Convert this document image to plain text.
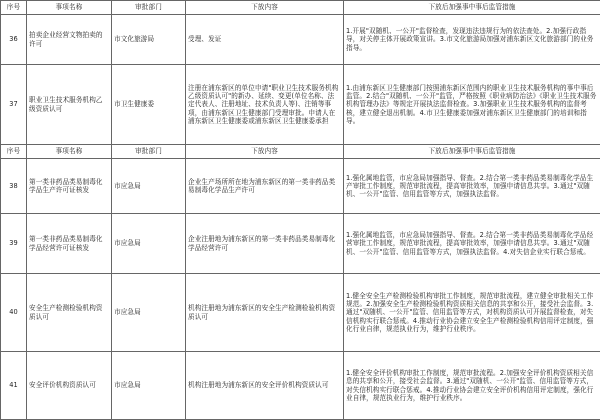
序号	事项名称	审批部门	下放内容	下放后加强事中事后监管措施
36	拍卖企业经营文物拍卖的许可	市文化旅游局	受理、发证	1.开展"双随机、一公开"监督检查，发现违法违规行为的依法查处。2.加强行政指导，对关停主体开展政策宣讲。3.市文化旅游局加强对浦东新区文化旅游部门的业务指导。
37	职业卫生技术服务机构乙级资质认可	市卫生健康委	注册在浦东新区的单位申请"职业卫生技术服务机构乙级资质认可"的新办、延续、变更(单位名称、法定代表人、注册地址、技术负责人等)、注销等事项，由浦东新区卫生健康部门受理审批。申请人在浦东新区卫生健康委或浦东新区卫生健康委承担	1.由浦东新区卫生健康部门按照浦东新区范围内的职业卫生技术服务机构的事中事后监管。2.结合"双随机、一公开"监管，严格按照《职业病防治法》《职业卫生技术服务机构管理办法》等规定开展执法监督检查。3.加强职业卫生技术服务机构的监督考核，建立健全退出机制。4.市卫生健康委加强对浦东新区卫生健康部门的培训和指导。
序号	事项名称	审批部门	下放内容	下放后加强事中事后监管措施
38	第一类非药品类易制毒化学品生产许可证核发	市应急局	企业生产场所所在地为浦东新区的第一类非药品类易制毒化学品生产许可	1.强化属地监管，市应急局加强指导、督查。2.结合第一类非药品类易制毒化学品生产审批工作制度，规范审批流程，提高审批效率，加强申请信息共享。3.通过"双随机、一公开"监管、信用监管等方式，加强执法监督。
39	第一类非药品类易制毒化学品经营许可证核发	市应急局	企业注册地为浦东新区的第一类非药品类易制毒化学品经营许可	1.强化属地监管，市应急局加强指导、督查。2.结合第一类非药品类易制毒化学品经营审批工作制度，规范审批流程，提高审批效率，加强申请信息共享。3.通过"双随机、一公开"监管、信用监管等方式，加强执法监督。4.对失信企业实行联合惩戒。
40	安全生产检测检验机构资质认可	市应急局	机构注册地为浦东新区的安全生产检测检验机构资质认可	1.健全安全生产检测检验机构审批工作制度，规范审批流程，建立健全审批相关工作规范。2.加强安全生产检测检验机构资质相关信息的共享和公开，接受社会监督。3.通过"双随机、一公开"监管、信用监管等方式，对机构资质认可开展监督检查，对失信机构实行联合惩戒。4.推动行业协会建立安全生产检测检验机构信用评定制度，强化行业自律，规范执业行为，维护行业秩序。
41	安全评价机构资质认可	市应急局	机构注册地为浦东新区的安全评价机构资质认可	1.健全安全评价机构审批工作制度，规范审批流程。2.加强安全评价机构资质相关信息的共享和公开，接受社会监督。3.通过"双随机、一公开"监管、信用监管等方式，对失信机构实行联合惩戒。4.推动行业协会建立安全评价机构信用评定制度，强化行业自律，规范执业行为，维护行业秩序。
